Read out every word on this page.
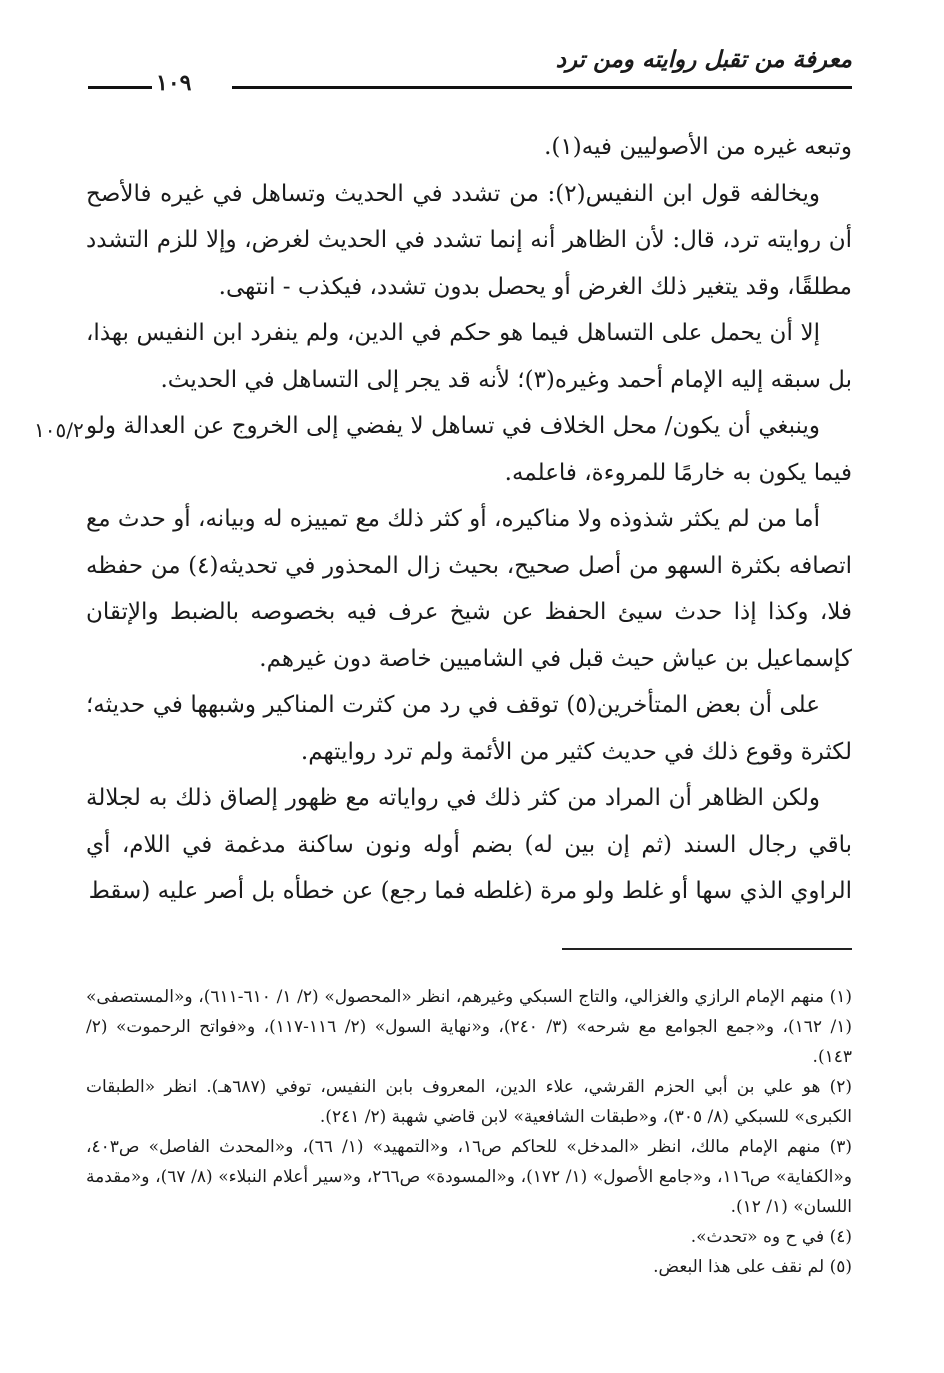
معرفة من تقبل روايته ومن ترد
١٠٩
١٠٥/٢

وتبعه غيره من الأصوليين فيه(١).

ويخالفه قول ابن النفيس(٢): من تشدد في الحديث وتساهل في غيره فالأصح أن روايته ترد، قال: لأن الظاهر أنه إنما تشدد في الحديث لغرض، وإلا للزم التشدد مطلقًا، وقد يتغير ذلك الغرض أو يحصل بدون تشدد، فيكذب - انتهى.

إلا أن يحمل على التساهل فيما هو حكم في الدين، ولم ينفرد ابن النفيس بهذا، بل سبقه إليه الإمام أحمد وغيره(٣)؛ لأنه قد يجر إلى التساهل في الحديث.

وينبغي أن يكون/ محل الخلاف في تساهل لا يفضي إلى الخروج عن العدالة ولو فيما يكون به خارمًا للمروءة، فاعلمه.

أما من لم يكثر شذوذه ولا مناكيره، أو كثر ذلك مع تمييزه له وبيانه، أو حدث مع اتصافه بكثرة السهو من أصل صحيح، بحيث زال المحذور في تحديثه(٤) من حفظه فلا، وكذا إذا حدث سيئ الحفظ عن شيخ عرف فيه بخصوصه بالضبط والإتقان كإسماعيل بن عياش حيث قبل في الشاميين خاصة دون غيرهم.

على أن بعض المتأخرين(٥) توقف في رد من كثرت المناكير وشبهها في حديثه؛ لكثرة وقوع ذلك في حديث كثير من الأئمة ولم ترد روايتهم.

ولكن الظاهر أن المراد من كثر ذلك في رواياته مع ظهور إلصاق ذلك به لجلالة باقي رجال السند (ثم إن بين له) بضم أوله ونون ساكنة مدغمة في اللام، أي الراوي الذي سها أو غلط ولو مرة (غلطه فما رجع) عن خطأه بل أصر عليه (سقط

(١) منهم الإمام الرازي والغزالي، والتاج السبكي وغيرهم، انظر «المحصول» (٢/ ١/ ٦١٠-٦١١)، و«المستصفى» (١/ ١٦٢)، و«جمع الجوامع مع شرحه» (٣/ ٢٤٠)، و«نهاية السول» (٢/ ١١٦-١١٧)، و«فواتح الرحموت» (٢/ ١٤٣).

(٢) هو علي بن أبي الحزم القرشي، علاء الدين، المعروف بابن النفيس، توفي (٦٨٧هـ). انظر «الطبقات الكبرى» للسبكي (٨/ ٣٠٥)، و«طبقات الشافعية» لابن قاضي شهبة (٢/ ٢٤١).

(٣) منهم الإمام مالك، انظر «المدخل» للحاكم ص١٦، و«التمهيد» (١/ ٦٦)، و«المحدث الفاصل» ص٤٠٣، و«الكفاية» ص١١٦، و«جامع الأصول» (١/ ١٧٢)، و«المسودة» ص٢٦٦، و«سير أعلام النبلاء» (٨/ ٦٧)، و«مقدمة اللسان» (١/ ١٢).

(٤) في ح وه «تحدث».

(٥) لم نقف على هذا البعض.
